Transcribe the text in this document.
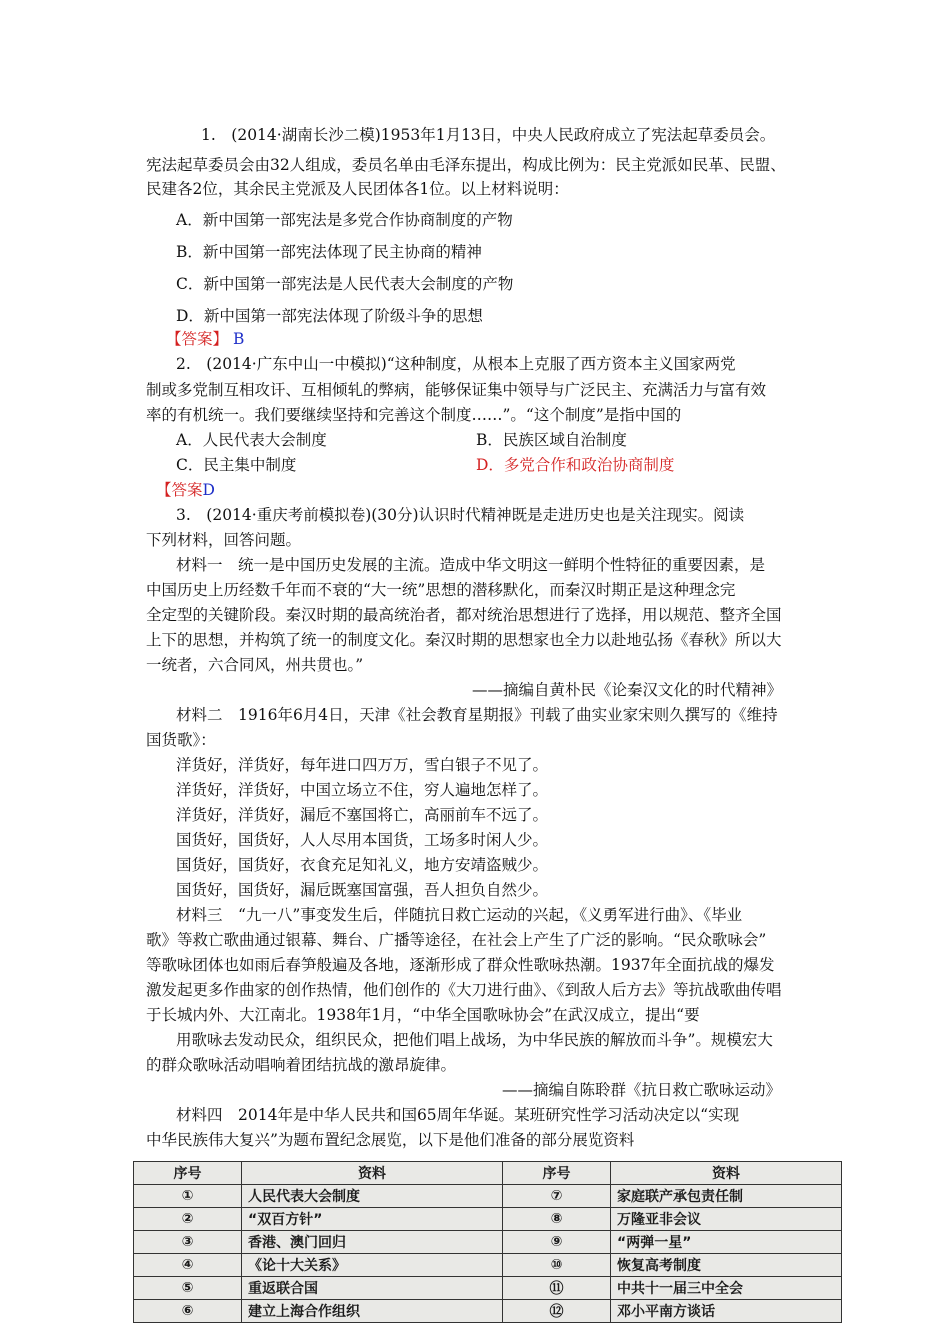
1.　(2014·湖南长沙二模)1953年1月13日，中央人民政府成立了宪法起草委员会。
宪法起草委员会由32人组成，委员名单由毛泽东提出，构成比例为：民主党派如民革、民盟、
民建各2位，其余民主党派及人民团体各1位。以上材料说明：
A．新中国第一部宪法是多党合作协商制度的产物
B．新中国第一部宪法体现了民主协商的精神
C．新中国第一部宪法是人民代表大会制度的产物
D．新中国第一部宪法体现了阶级斗争的思想
【答案】 B
2.　(2014·广东中山一中模拟)“这种制度，从根本上克服了西方资本主义国家两党
制或多党制互相攻讦、互相倾轧的弊病，能够保证集中领导与广泛民主、充满活力与富有效
率的有机统一。我们要继续坚持和完善这个制度……”。“这个制度”是指中国的
A．人民代表大会制度	B．民族区域自治制度
C．民主集中制度	D．多党合作和政治协商制度
【答案D
3.　(2014·重庆考前模拟卷)(30分)认识时代精神既是走进历史也是关注现实。阅读
下列材料，回答问题。
材料一　统一是中国历史发展的主流。造成中华文明这一鲜明个性特征的重要因素，是
中国历史上历经数千年而不衰的“大一统”思想的潜移默化，而秦汉时期正是这种理念完
全定型的关键阶段。秦汉时期的最高统治者，都对统治思想进行了选择，用以规范、整齐全国
上下的思想，并构筑了统一的制度文化。秦汉时期的思想家也全力以赴地弘扬《春秋》所以大
一统者，六合同风，州共贯也。”
——摘编自黄朴民《论秦汉文化的时代精神》
材料二　1916年6月4日，天津《社会教育星期报》刊载了曲实业家宋则久撰写的《维持
国货歌》：
洋货好，洋货好，每年进口四万万，雪白银子不见了。
洋货好，洋货好，中国立场立不住，穷人遍地怎样了。
洋货好，洋货好，漏卮不塞国将亡，高丽前车不远了。
国货好，国货好，人人尽用本国货，工场多时闲人少。
国货好，国货好，衣食充足知礼义，地方安靖盗贼少。
国货好，国货好，漏卮既塞国富强，吾人担负自然少。
材料三　“九一八”事变发生后，伴随抗日救亡运动的兴起，《义勇军进行曲》、《毕业
歌》等救亡歌曲通过银幕、舞台、广播等途径，在社会上产生了广泛的影响。“民众歌咏会”
等歌咏团体也如雨后春笋般遍及各地，逐渐形成了群众性歌咏热潮。1937年全面抗战的爆发
激发起更多作曲家的创作热情，他们创作的《大刀进行曲》、《到敌人后方去》等抗战歌曲传唱
于长城内外、大江南北。1938年1月，“中华全国歌咏协会”在武汉成立，提出“要
用歌咏去发动民众，组织民众，把他们唱上战场，为中华民族的解放而斗争”。规模宏大
的群众歌咏活动唱响着团结抗战的激昂旋律。
——摘编自陈聆群《抗日救亡歌咏运动》
材料四　2014年是中华人民共和国65周年华诞。某班研究性学习活动决定以“实现
中华民族伟大复兴”为题布置纪念展览，以下是他们准备的部分展览资料
序号	资料	序号	资料
①	人民代表大会制度	⑦	家庭联产承包责任制
②	“双百方针”	⑧	万隆亚非会议
③	香港、澳门回归	⑨	“两弹一星”
④	《论十大关系》	⑩	恢复高考制度
⑤	重返联合国	⑪	中共十一届三中全会
⑥	建立上海合作组织	⑫	邓小平南方谈话
